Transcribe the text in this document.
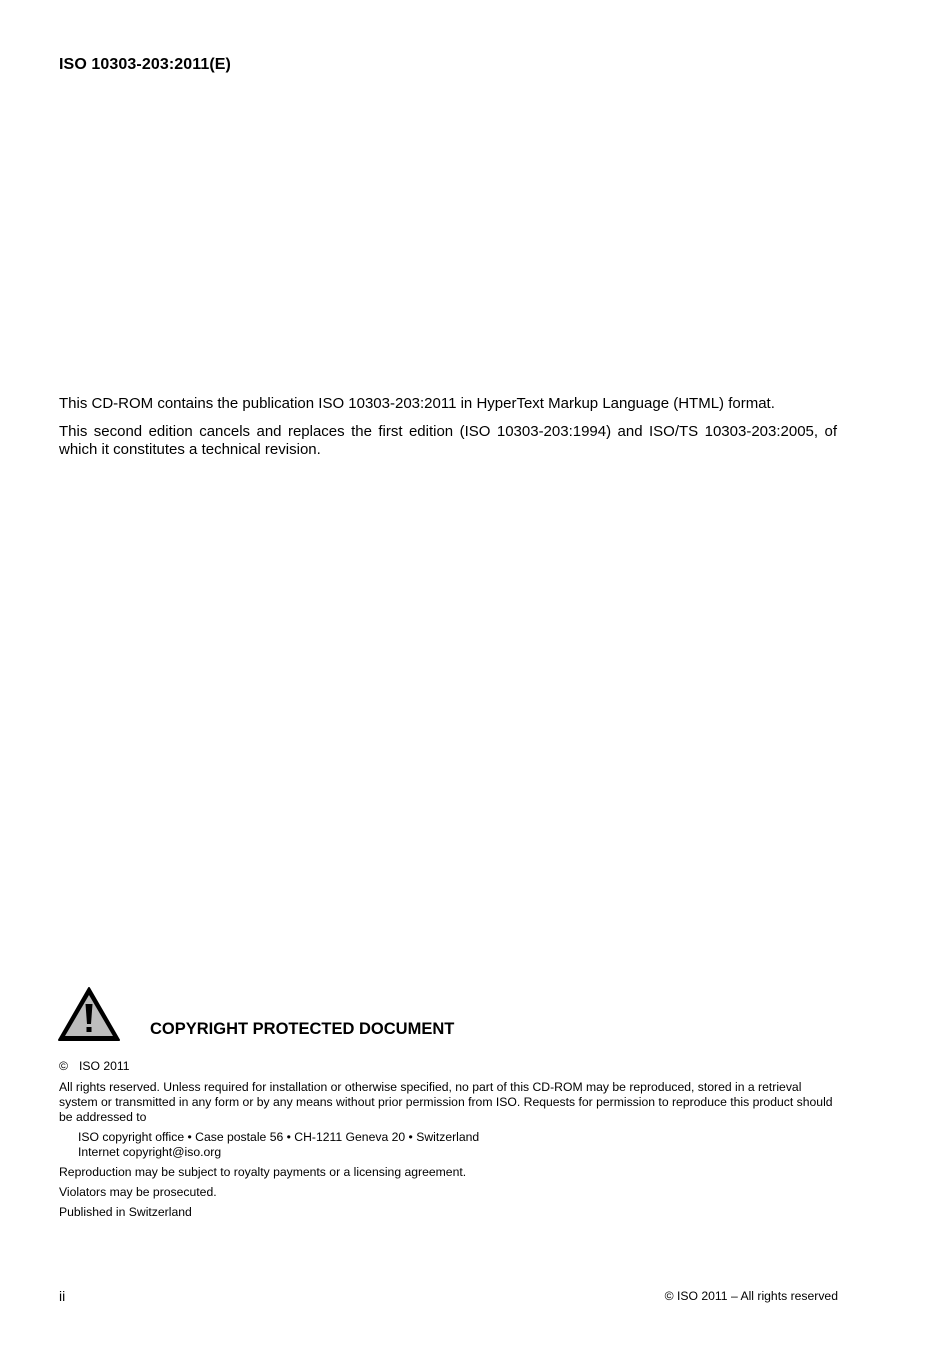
ISO 10303-203:2011(E)

This CD-ROM contains the publication ISO 10303-203:2011 in HyperText Markup Language (HTML) format.

This second edition cancels and replaces the first edition (ISO 10303-203:1994) and ISO/TS 10303-203:2005, of which it constitutes a technical revision.

COPYRIGHT PROTECTED DOCUMENT

© ISO 2011

All rights reserved. Unless required for installation or otherwise specified, no part of this CD-ROM may be reproduced, stored in a retrieval system or transmitted in any form or by any means without prior permission from ISO. Requests for permission to reproduce this product should be addressed to

ISO copyright office • Case postale 56 • CH-1211 Geneva 20 • Switzerland
Internet copyright@iso.org

Reproduction may be subject to royalty payments or a licensing agreement.

Violators may be prosecuted.

Published in Switzerland

ii	© ISO 2011 – All rights reserved
